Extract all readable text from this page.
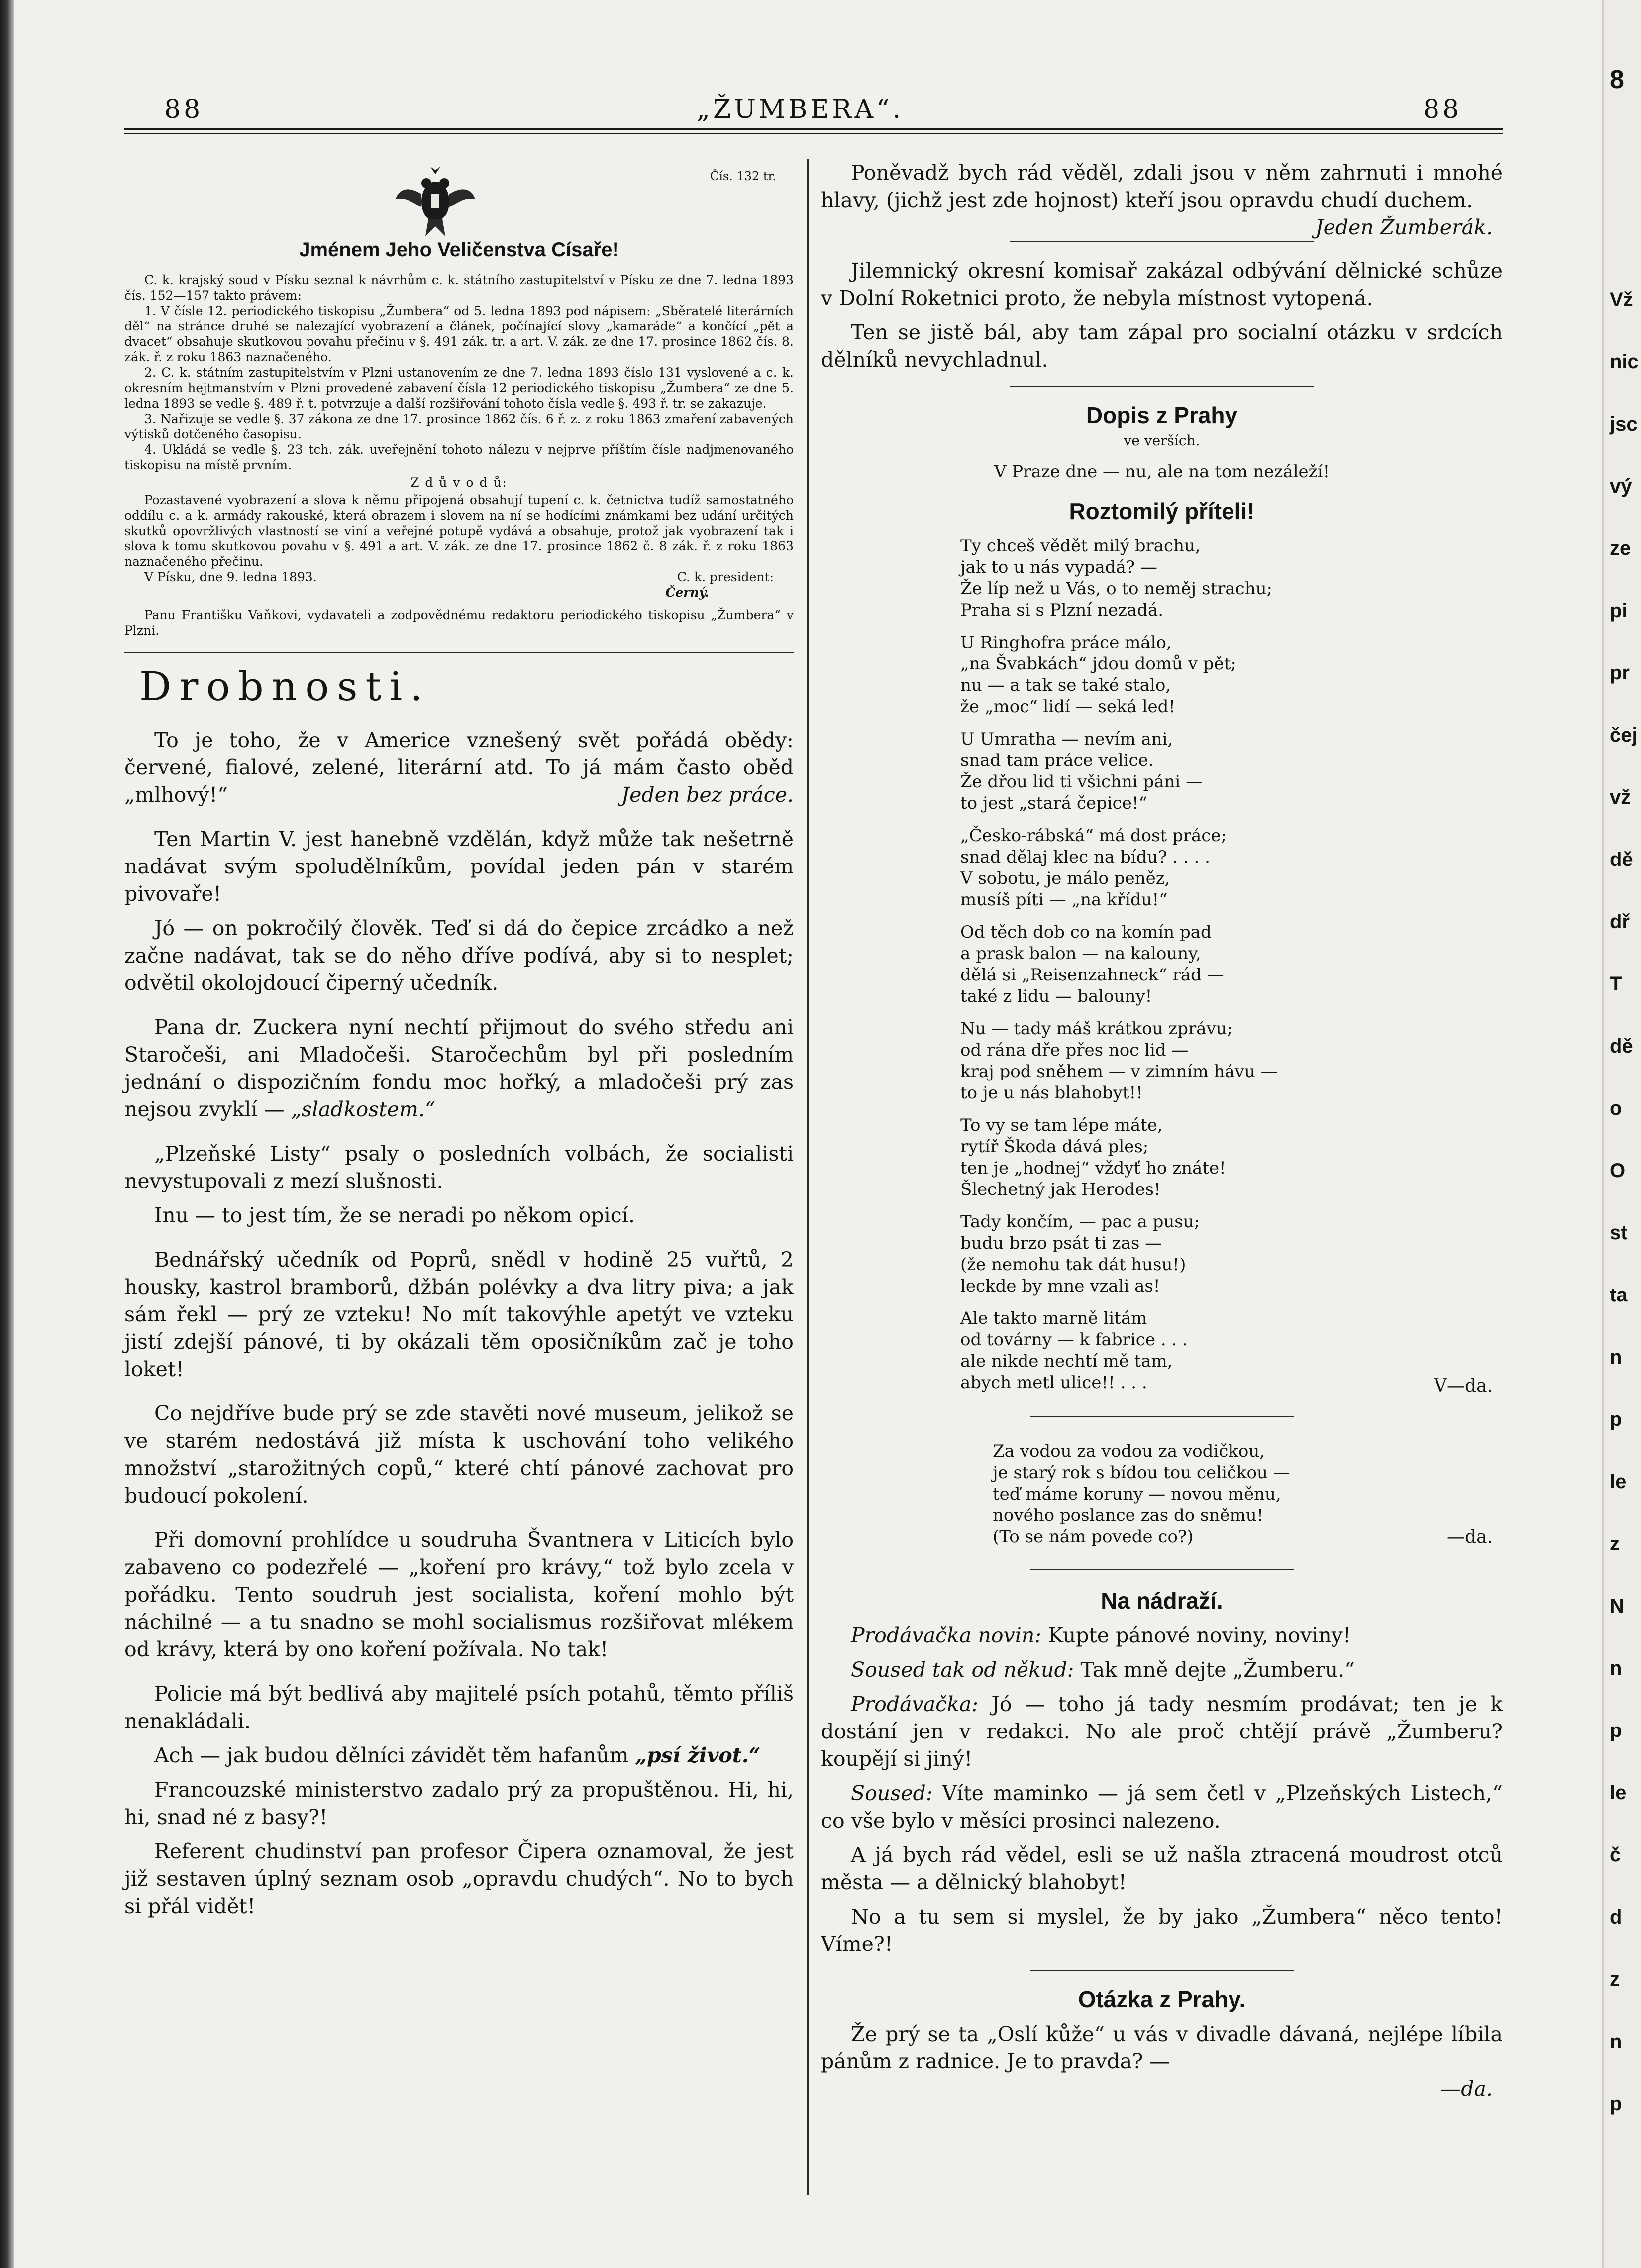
Vž
nic
jsc
vý
ze
pi
pr
čej
vž
dě
dř
T
dě
o
O
st
ta
n
p
le
z
N
n
p
le
č
d
z
n
p
88	„ŽUMBERA“.	88
8
Čís. 132 tr.
Jménem Jeho Veličenstva Císaře!

C. k. krajský soud v Písku seznal k návrhům c. k. státního zastupitelství v Písku ze dne 7. ledna 1893 čís. 152—157 takto právem:

1. V čísle 12. periodického tiskopisu „Žumbera“ od 5. ledna 1893 pod nápisem: „Sběratelé literárních děl“ na stránce druhé se nalezající vyobrazení a článek, počínající slovy „kamaráde“ a končící „pět a dvacet“ obsahuje skutkovou povahu přečinu v §. 491 zák. tr. a art. V. zák. ze dne 17. prosince 1862 čís. 8. zák. ř. z roku 1863 naznačeného.

2. C. k. státním zastupitelstvím v Plzni ustanovením ze dne 7. ledna 1893 číslo 131 vyslovené a c. k. okresním hejtmanstvím v Plzni provedené zabavení čísla 12 periodického tiskopisu „Žumbera“ ze dne 5. ledna 1893 se vedle §. 489 ř. t. potvrzuje a další rozšiřování tohoto čísla vedle §. 493 ř. tr. se zakazuje.

3. Nařizuje se vedle §. 37 zákona ze dne 17. prosince 1862 čís. 6 ř. z. z roku 1863 zmaření zabavených výtisků dotčeného časopisu.

4. Ukládá se vedle §. 23 tch. zák. uveřejnění tohoto nálezu v nejprve příštím čísle nadjmenovaného tiskopisu na místě prvním.

Z d ů v o d ů:

Pozastavené vyobrazení a slova k němu připojená obsahují tupení c. k. četnictva tudíž samostatného oddílu c. a k. armády rakouské, která obrazem i slovem na ní se hodícími známkami bez udání určitých skutků opovržlivých vlastností se viní a veřejné potupě vydává a obsahuje, protož jak vyobrazení tak i slova k tomu skutkovou povahu v §. 491 a art. V. zák. ze dne 17. prosince 1862 č. 8 zák. ř. z roku 1863 naznačeného přečinu.

V Písku, dne 9. ledna 1893.	C. k. president:
Černý.

Panu Františku Vaňkovi, vydavateli a zodpovědnému redaktoru periodického tiskopisu „Žumbera“ v Plzni.

Drobnosti.

To je toho, že v Americe vznešený svět pořádá obědy: červené, fialové, zelené, literární atd. To já mám často oběd „mlhový!“	Jeden bez práce.

Ten Martin V. jest hanebně vzdělán, když může tak nešetrně nadávat svým spoludělníkům, povídal jeden pán v starém pivovaře!

Jó — on pokročilý člověk. Teď si dá do čepice zrcádko a než začne nadávat, tak se do něho dříve podívá, aby si to nesplet; odvětil okolojdoucí čiperný učedník.

Pana dr. Zuckera nyní nechtí přijmout do svého středu ani Staročeši, ani Mladočeši. Staročechům byl při posledním jednání o dispozičním fondu moc hořký, a mladočeši prý zas nejsou zvyklí — „sladkostem.“

„Plzeňské Listy“ psaly o posledních volbách, že socialisti nevystupovali z mezí slušnosti.

Inu — to jest tím, že se neradi po někom opicí.

Bednářský učedník od Poprů, snědl v hodině 25 vuřtů, 2 housky, kastrol bramborů, džbán polévky a dva litry piva; a jak sám řekl — prý ze vzteku! No mít takovýhle apetýt ve vzteku jistí zdejší pánové, ti by okázali těm oposičníkům zač je toho loket!

Co nejdříve bude prý se zde stavěti nové museum, jelikož se ve starém nedostává již místa k uschování toho velikého množství „starožitných copů,“ které chtí pánové zachovat pro budoucí pokolení.

Při domovní prohlídce u soudruha Švantnera v Liticích bylo zabaveno co podezřelé — „koření pro krávy,“ tož bylo zcela v pořádku. Tento soudruh jest socialista, koření mohlo být náchilné — a tu snadno se mohl socialismus rozšiřovat mlékem od krávy, která by ono koření požívala. No tak!

Policie má být bedlivá aby majitelé psích potahů, těmto příliš nenakládali.

Ach — jak budou dělníci závidět těm hafanům „psí život.“

Francouzské ministerstvo zadalo prý za propuštěnou. Hi, hi, hi, snad né z basy?!

Referent chudinství pan profesor Čipera oznamoval, že jest již sestaven úplný seznam osob „opravdu chudých“. No to bych si přál vidět!

Poněvadž bych rád věděl, zdali jsou v něm zahrnuti i mnohé hlavy, (jichž jest zde hojnost) kteří jsou opravdu chudí duchem.
Jeden Žumberák.

Jilemnický okresní komisař zakázal odbývání dělnické schůze v Dolní Roketnici proto, že nebyla místnost vytopená.

Ten se jistě bál, aby tam zápal pro socialní otázku v srdcích dělníků nevychladnul.

Dopis z Prahy
ve verších.
V Praze dne — nu, ale na tom nezáleží!
Roztomilý příteli!
Ty chceš vědět milý brachu,
jak to u nás vypadá? —
Že líp než u Vás, o to neměj strachu;
Praha si s Plzní nezadá.
U Ringhofra práce málo,
„na Švabkách“ jdou domů v pět;
nu — a tak se také stalo,
že „moc“ lidí — seká led!
U Umratha — nevím ani,
snad tam práce velice.
Že dřou lid ti všichni páni —
to jest „stará čepice!“
„Česko-rábská“ má dost práce;
snad dělaj klec na bídu? . . . .
V sobotu, je málo peněz,
musíš píti — „na křídu!“
Od těch dob co na komín pad
a prask balon — na kalouny,
dělá si „Reisenzahneck“ rád —
také z lidu — balouny!
Nu — tady máš krátkou zprávu;
od rána dře přes noc lid —
kraj pod sněhem — v zimním hávu —
to je u nás blahobyt!!
To vy se tam lépe máte,
rytíř Škoda dává ples;
ten je „hodnej“ vždyť ho znáte!
Šlechetný jak Herodes!
Tady končím, — pac a pusu;
budu brzo psát ti zas —
(že nemohu tak dát husu!)
leckde by mne vzali as!
Ale takto marně litám
od továrny — k fabrice . . .
ale nikde nechtí mě tam,
abych metl ulice!! . . .	V—da.
Za vodou za vodou za vodičkou,
je starý rok s bídou tou celičkou —
teď máme koruny — novou měnu,
nového poslance zas do sněmu!
(To se nám povede co?)	—da.
Na nádraží.

Prodávačka novin: Kupte pánové noviny, noviny!

Soused tak od někud: Tak mně dejte „Žumberu.“

Prodávačka: Jó — toho já tady nesmím prodávat; ten je k dostání jen v redakci. No ale proč chtějí právě „Žumberu? koupějí si jiný!

Soused: Víte maminko — já sem četl v „Plzeňských Listech,“ co vše bylo v měsíci prosinci nalezeno.

A já bych rád vědel, esli se už našla ztracená moudrost otců města — a dělnický blahobyt!

No a tu sem si myslel, že by jako „Žumbera“ něco tento! Víme?!

Otázka z Prahy.

Že prý se ta „Oslí kůže“ u vás v divadle dávaná, nejlépe líbila pánům z radnice. Je to pravda? —

—da.
